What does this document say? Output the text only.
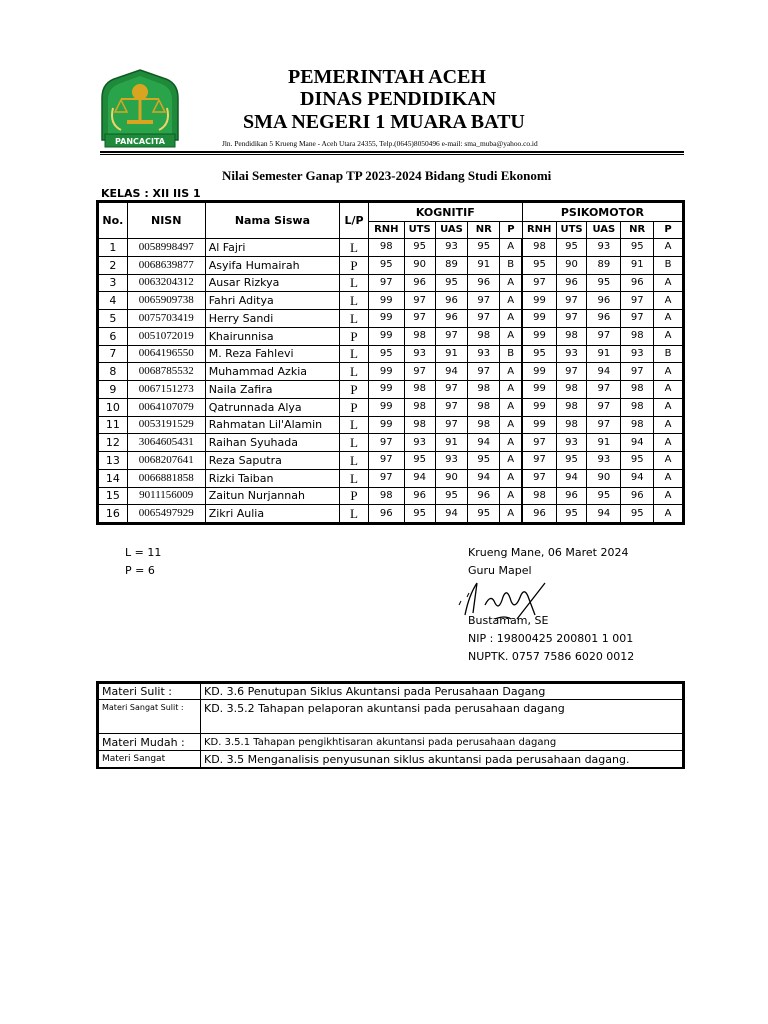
PANCACITA
PEMERINTAH ACEH
DINAS PENDIDIKAN
SMA NEGERI 1 MUARA BATU
Jln. Pendidikan 5 Krueng Mane - Aceh Utara 24355, Telp.(0645)8050496 e-mail: sma_muba@yahoo.co.id
Nilai Semester Ganap TP 2023-2024 Bidang Studi Ekonomi
KELAS : XII IIS 1
No.	NISN	Nama Siswa	L/P	KOGNITIF					PSIKOMOTOR				
				RNH	UTS	UAS	NR	P	RNH	UTS	UAS	NR	P
1	0058998497	Al Fajri	L	98	95	93	95	A	98	95	93	95	A
2	0068639877	Asyifa Humairah	P	95	90	89	91	B	95	90	89	91	B
3	0063204312	Ausar Rizkya	L	97	96	95	96	A	97	96	95	96	A
4	0065909738	Fahri Aditya	L	99	97	96	97	A	99	97	96	97	A
5	0075703419	Herry Sandi	L	99	97	96	97	A	99	97	96	97	A
6	0051072019	Khairunnisa	P	99	98	97	98	A	99	98	97	98	A
7	0064196550	M. Reza Fahlevi	L	95	93	91	93	B	95	93	91	93	B
8	0068785532	Muhammad Azkia	L	99	97	94	97	A	99	97	94	97	A
9	0067151273	Naila Zafira	P	99	98	97	98	A	99	98	97	98	A
10	0064107079	Qatrunnada Alya	P	99	98	97	98	A	99	98	97	98	A
11	0053191529	Rahmatan Lil'Alamin	L	99	98	97	98	A	99	98	97	98	A
12	3064605431	Raihan Syuhada	L	97	93	91	94	A	97	93	91	94	A
13	0068207641	Reza Saputra	L	97	95	93	95	A	97	95	93	95	A
14	0066881858	Rizki Taiban	L	97	94	90	94	A	97	94	90	94	A
15	9011156009	Zaitun Nurjannah	P	98	96	95	96	A	98	96	95	96	A
16	0065497929	Zikri Aulia	L	96	95	94	95	A	96	95	94	95	A
L = 11
P = 6
Krueng Mane, 06 Maret 2024
Guru Mapel
Bustamam, SE
NIP : 19800425 200801 1 001
NUPTK. 0757 7586 6020 0012
Materi Sulit :	KD. 3.6 Penutupan Siklus Akuntansi pada Perusahaan Dagang
Materi Sangat Sulit :	KD. 3.5.2 Tahapan pelaporan akuntansi pada perusahaan dagang
Materi Mudah :	KD. 3.5.1 Tahapan pengikhtisaran akuntansi pada perusahaan dagang
Materi Sangat	KD. 3.5 Menganalisis penyusunan siklus akuntansi pada perusahaan dagang.
